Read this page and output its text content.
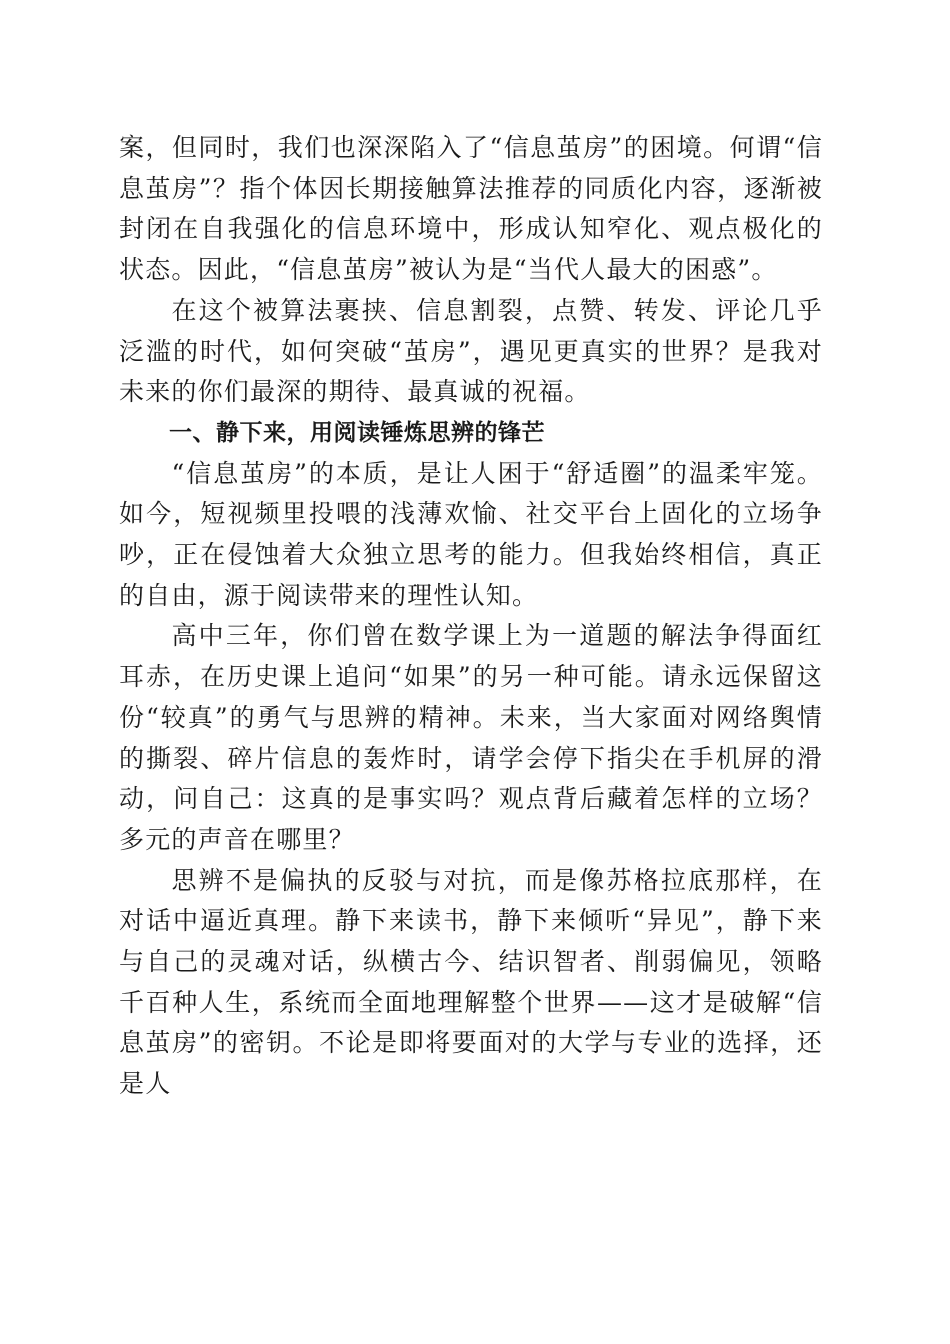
案，但同时，我们也深深陷入了“信息茧房”的困境。何谓“信息茧房”？指个体因长期接触算法推荐的同质化内容，逐渐被封闭在自我强化的信息环境中，形成认知窄化、观点极化的状态。因此，“信息茧房”被认为是“当代人最大的困惑”。

在这个被算法裹挟、信息割裂，点赞、转发、评论几乎泛滥的时代，如何突破“茧房”，遇见更真实的世界？是我对未来的你们最深的期待、最真诚的祝福。

一、静下来，用阅读锤炼思辨的锋芒

“信息茧房”的本质，是让人困于“舒适圈”的温柔牢笼。如今，短视频里投喂的浅薄欢愉、社交平台上固化的立场争吵，正在侵蚀着大众独立思考的能力。但我始终相信，真正的自由，源于阅读带来的理性认知。

高中三年，你们曾在数学课上为一道题的解法争得面红耳赤，在历史课上追问“如果”的另一种可能。请永远保留这份“较真”的勇气与思辨的精神。未来，当大家面对网络舆情的撕裂、碎片信息的轰炸时，请学会停下指尖在手机屏的滑动，问自己：这真的是事实吗？观点背后藏着怎样的立场？多元的声音在哪里？

思辨不是偏执的反驳与对抗，而是像苏格拉底那样，在对话中逼近真理。静下来读书，静下来倾听“异见”，静下来与自己的灵魂对话，纵横古今、结识智者、削弱偏见，领略千百种人生，系统而全面地理解整个世界——这才是破解“信息茧房”的密钥。不论是即将要面对的大学与专业的选择，还是人
